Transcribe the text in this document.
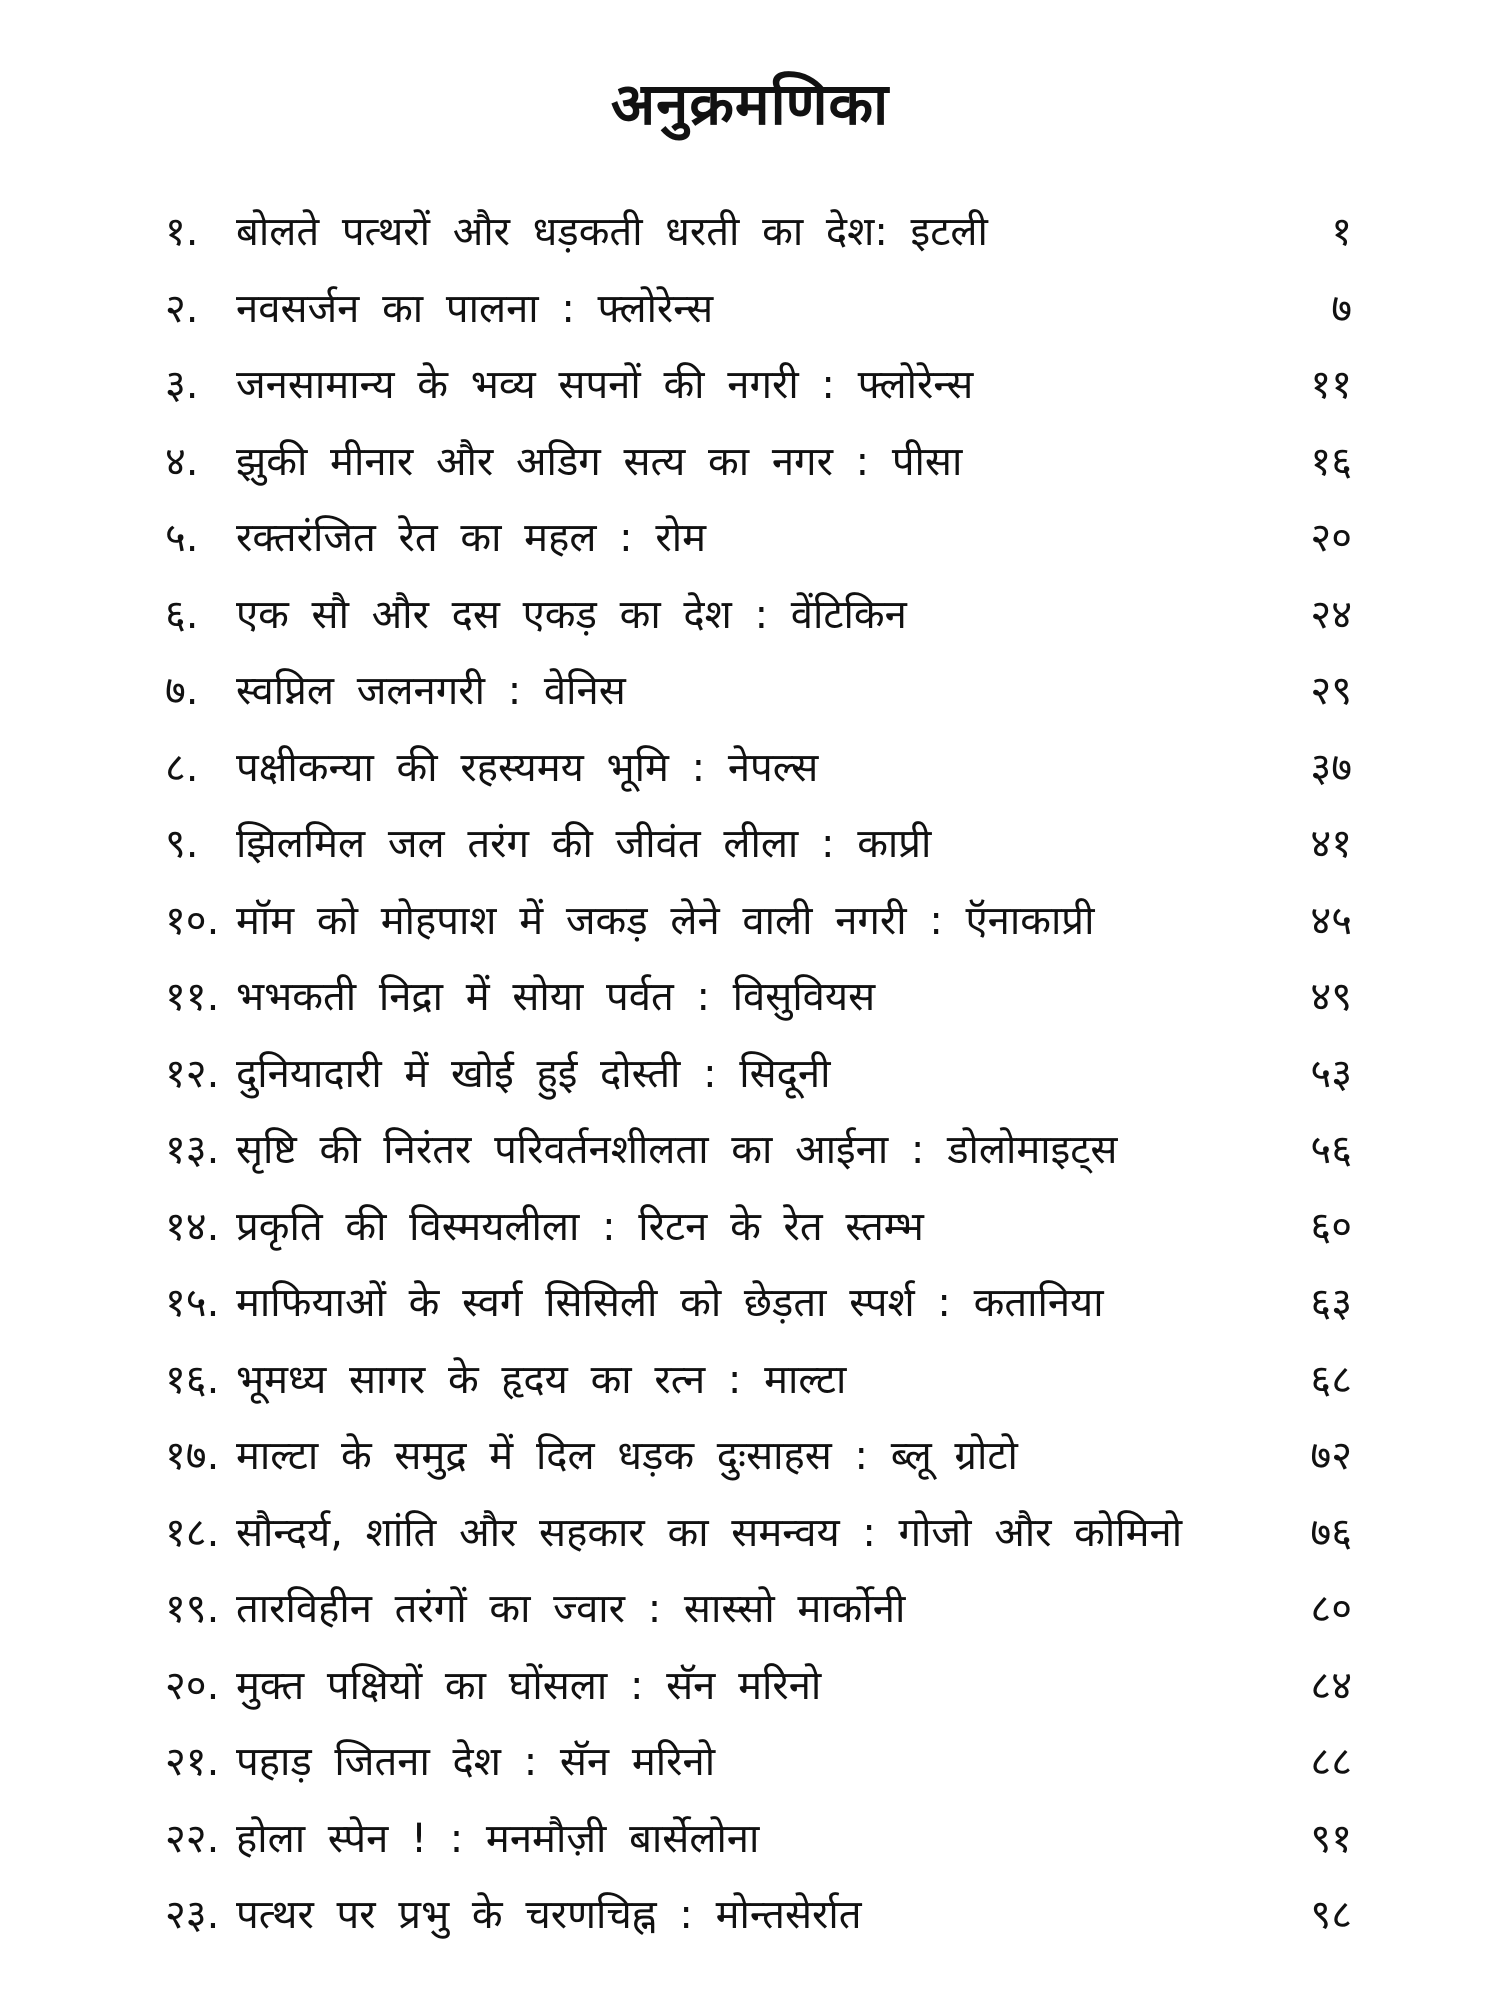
अनुक्रमणिका
१. बोलते पत्थरों और धड़कती धरती का देश: इटली	१
२. नवसर्जन का पालना : फ्लोरेन्स	७
३. जनसामान्य के भव्य सपनों की नगरी : फ्लोरेन्स	११
४. झुकी मीनार और अडिग सत्य का नगर : पीसा	१६
५. रक्तरंजित रेत का महल : रोम	२०
६. एक सौ और दस एकड़ का देश : वेंटिकिन	२४
७. स्वप्निल जलनगरी : वेनिस	२९
८. पक्षीकन्या की रहस्यमय भूमि : नेपल्स	३७
९. झिलमिल जल तरंग की जीवंत लीला : काप्री	४१
१०. मॉम को मोहपाश में जकड़ लेने वाली नगरी : ऍनाकाप्री	४५
११. भभकती निद्रा में सोया पर्वत : विसुवियस	४९
१२. दुनियादारी में खोई हुई दोस्ती : सिदूनी	५३
१३. सृष्टि की निरंतर परिवर्तनशीलता का आईना : डोलोमाइट्स	५६
१४. प्रकृति की विस्मयलीला : रिटन के रेत स्तम्भ	६०
१५. माफियाओं के स्वर्ग सिसिली को छेड़ता स्पर्श : कतानिया	६३
१६. भूमध्य सागर के हृदय का रत्न : माल्टा	६८
१७. माल्टा के समुद्र में दिल धड़क दुःसाहस : ब्लू ग्रोटो	७२
१८. सौन्दर्य, शांति और सहकार का समन्वय : गोजो और कोमिनो	७६
१९. तारविहीन तरंगों का ज्वार : सास्सो मार्कोनी	८०
२०. मुक्त पक्षियों का घोंसला : सॅन मरिनो	८४
२१. पहाड़ जितना देश : सॅन मरिनो	८८
२२. होला स्पेन ! : मनमौज़ी बार्सेलोना	९१
२३. पत्थर पर प्रभु के चरणचिह्न : मोन्तसेर्रात	९८
